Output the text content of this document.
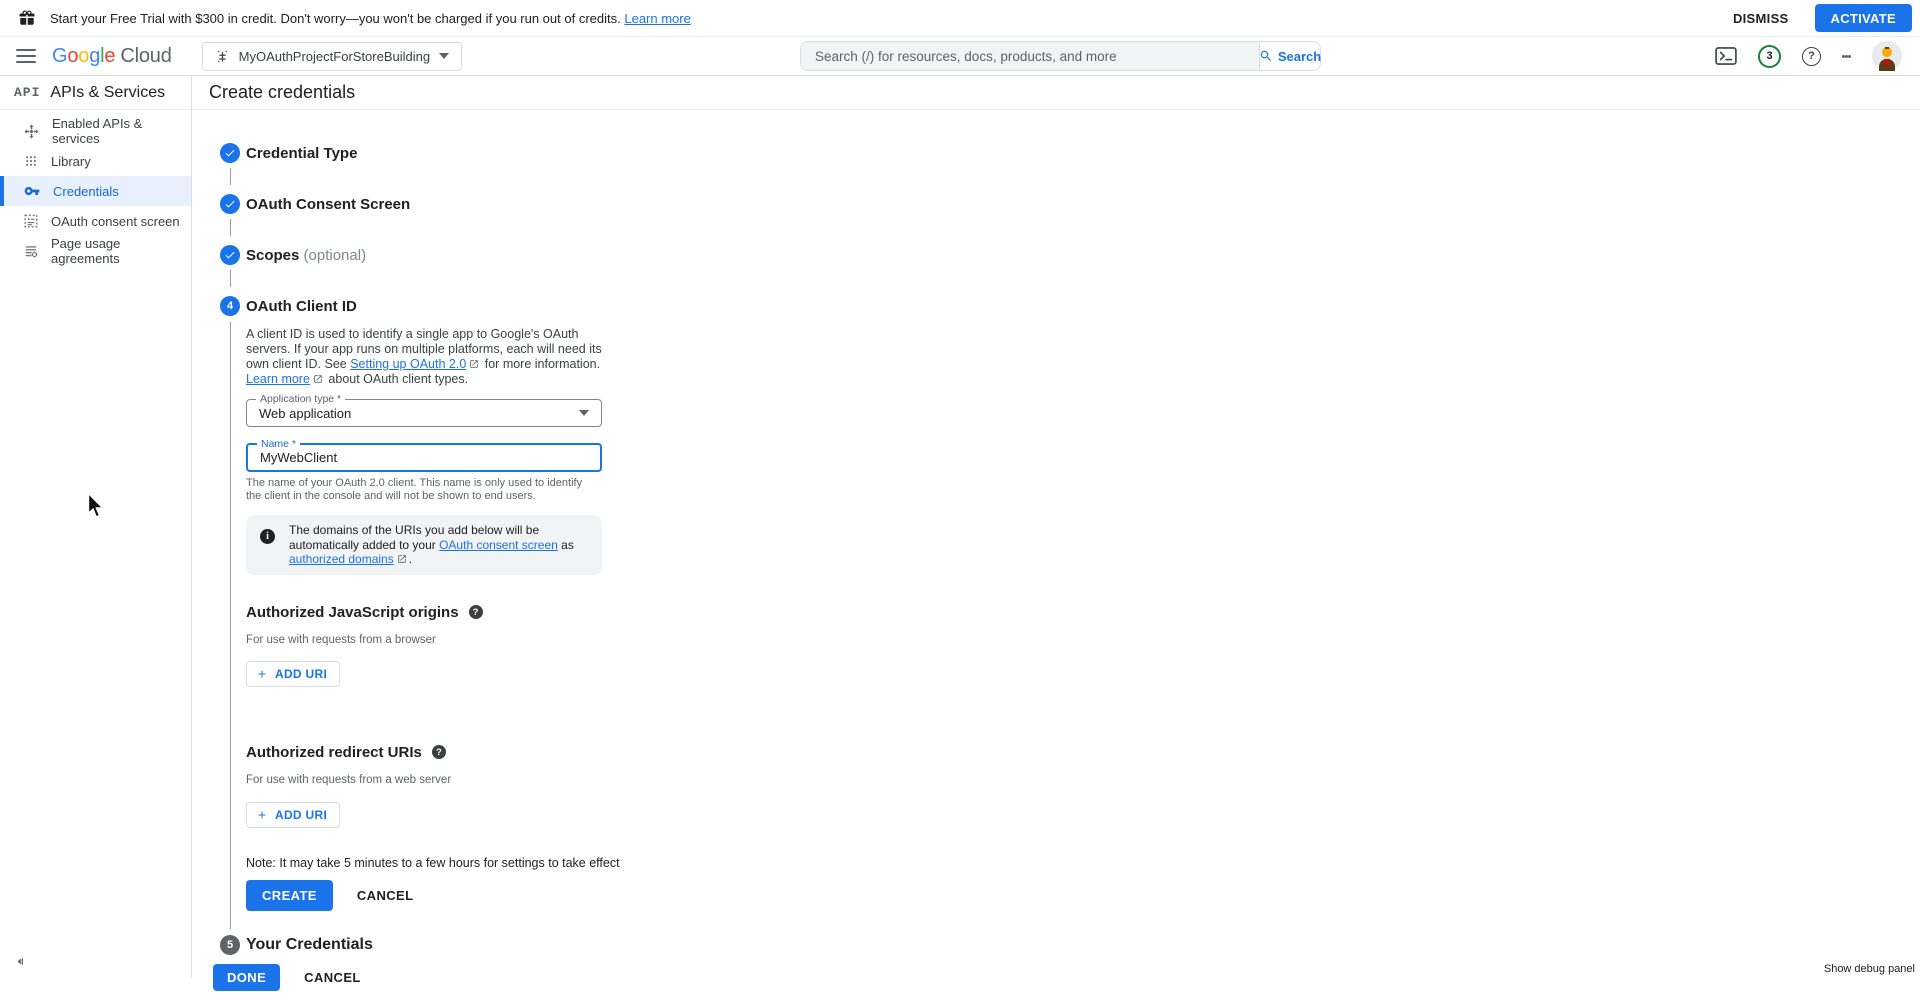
Start your Free Trial with $300 in credit. Don't worry—you won't be charged if you run out of credits.
Learn more	DISMISS	ACTIVATE
G o o g l e Cloud	MyOAuthProjectForStoreBuilding
Search (/) for resources, docs, products, and more	Search	3	?
API APIs & Services
Enabled APIs & services
Library
Credentials
OAuth consent screen
Page usage agreements
Create credentials
Credential Type
OAuth Consent Screen
Scopes (optional)
4 OAuth Client ID
A client ID is used to identify a single app to Google's OAuth servers. If your app runs on multiple platforms, each will need its own client ID. See Setting up OAuth 2.0
for more information. Learn more
about OAuth client types.
Application type *
Web application
Name *
MyWebClient
The name of your OAuth 2.0 client. This name is only used to identify the client in the console and will not be shown to end users.
i	The domains of the URIs you add below will be automatically added to your OAuth consent screen as authorized domains .
Authorized JavaScript origins	?
For use with requests from a browser
ADD URI
Authorized redirect URIs	?
For use with requests from a web server
ADD URI
Note: It may take 5 minutes to a few hours for settings to take effect
CREATE	CANCEL
5 Your Credentials
DONE	CANCEL
Show debug panel
